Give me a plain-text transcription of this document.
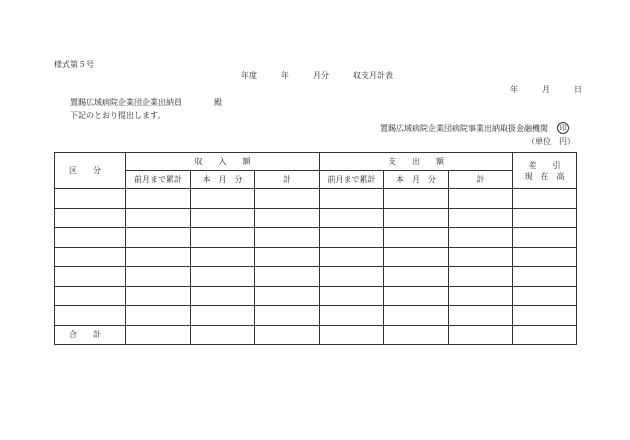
様式第５号
年度　　　年　　　月分　　　収支月計表
年　　　月　　　日
置賜広域病院企業団企業出納員　　　　殿
下記のとおり提出します。
置賜広域病院企業団病院事業出納取扱金融機関	印
（単位　円）
区　　分	収　　入　　額			支　　出　　額			差　　引
現　在　高

	前月まで累計	本　月　分	計	前月まで累計	本　月　分	計	

合　　計							
